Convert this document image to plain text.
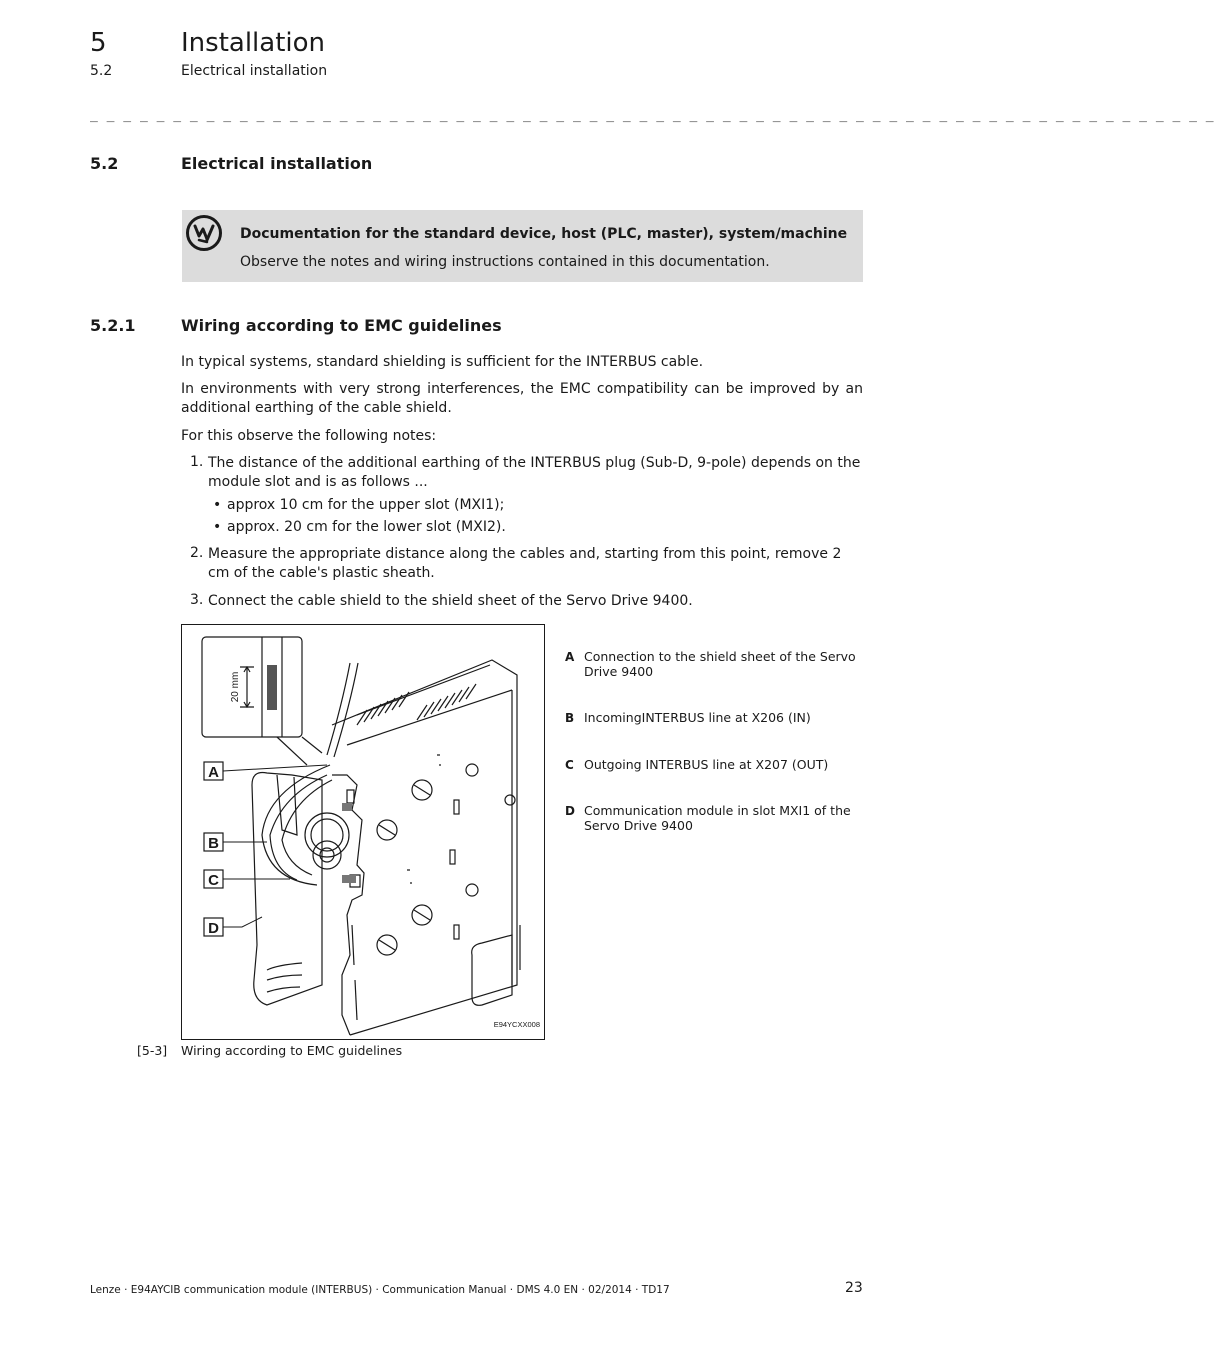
5	Installation
5.2	Electrical installation
_ _ _ _ _ _ _ _ _ _ _ _ _ _ _ _ _ _ _ _ _ _ _ _ _ _ _ _ _ _ _ _ _ _ _ _ _ _ _ _ _ _ _ _ _ _ _ _ _ _ _ _ _ _ _ _ _ _ _ _ _ _ _ _ _ _ _ _
5.2	Electrical installation
Documentation for the standard device, host (PLC, master), system/machine
Observe the notes and wiring instructions contained in this documentation.
5.2.1	Wiring according to EMC guidelines
In typical systems, standard shielding is sufficient for the INTERBUS cable.
In environments with very strong interferences, the EMC compatibility can be improved by an additional earthing of the cable shield.
For this observe the following notes:
1. The distance of the additional earthing of the INTERBUS plug (Sub-D, 9-pole) depends on the module slot and is as follows ...
• approx 10 cm for the upper slot (MXI1);
• approx. 20 cm for the lower slot (MXI2).
2. Measure the appropriate distance along the cables and, starting from this point, remove 2 cm of the cable's plastic sheath.
3. Connect the cable shield to the shield sheet of the Servo Drive 9400.
A
B
C
D
20 mm
E94YCXX008
A Connection to the shield sheet of the Servo Drive 9400
B IncomingINTERBUS line at X206 (IN)
C Outgoing INTERBUS line at X207 (OUT)
D Communication module in slot MXI1 of the Servo Drive 9400
[5-3] Wiring according to EMC guidelines
Lenze · E94AYCIB communication module (INTERBUS) · Communication Manual · DMS 4.0 EN · 02/2014 · TD17	23
